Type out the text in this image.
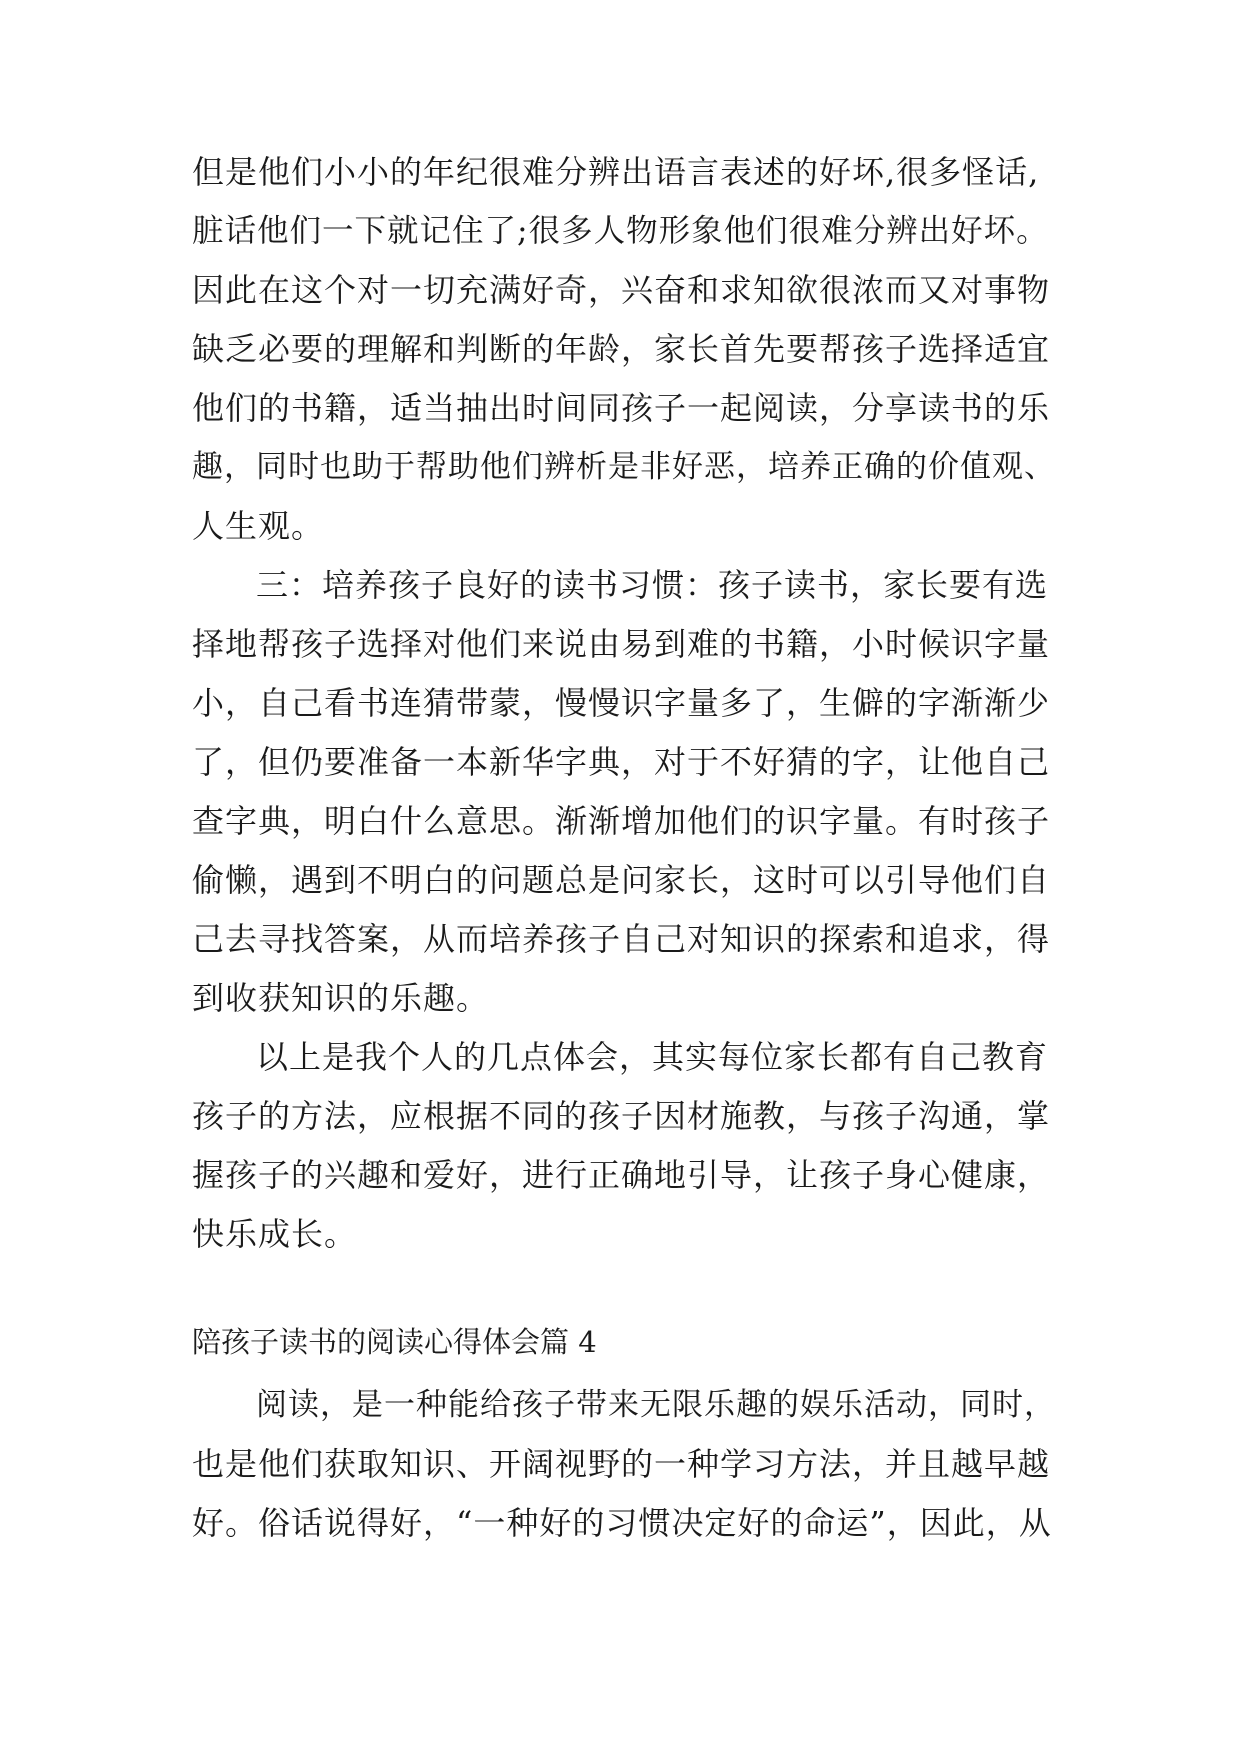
但是他们小小的年纪很难分辨出语言表述的好坏,很多怪话,
脏话他们一下就记住了;很多人物形象他们很难分辨出好坏。
因此在这个对一切充满好奇，兴奋和求知欲很浓而又对事物
缺乏必要的理解和判断的年龄，家长首先要帮孩子选择适宜
他们的书籍，适当抽出时间同孩子一起阅读，分享读书的乐
趣，同时也助于帮助他们辨析是非好恶，培养正确的价值观、
人生观。
三：培养孩子良好的读书习惯：孩子读书，家长要有选
择地帮孩子选择对他们来说由易到难的书籍，小时候识字量
小，自己看书连猜带蒙，慢慢识字量多了，生僻的字渐渐少
了，但仍要准备一本新华字典，对于不好猜的字，让他自己
查字典，明白什么意思。渐渐增加他们的识字量。有时孩子
偷懒，遇到不明白的问题总是问家长，这时可以引导他们自
己去寻找答案，从而培养孩子自己对知识的探索和追求，得
到收获知识的乐趣。
以上是我个人的几点体会，其实每位家长都有自己教育
孩子的方法，应根据不同的孩子因材施教，与孩子沟通，掌
握孩子的兴趣和爱好，进行正确地引导，让孩子身心健康，
快乐成长。
陪孩子读书的阅读心得体会篇 4
阅读，是一种能给孩子带来无限乐趣的娱乐活动，同时，
也是他们获取知识、开阔视野的一种学习方法，并且越早越
好。俗话说得好，“一种好的习惯决定好的命运”，因此，从
